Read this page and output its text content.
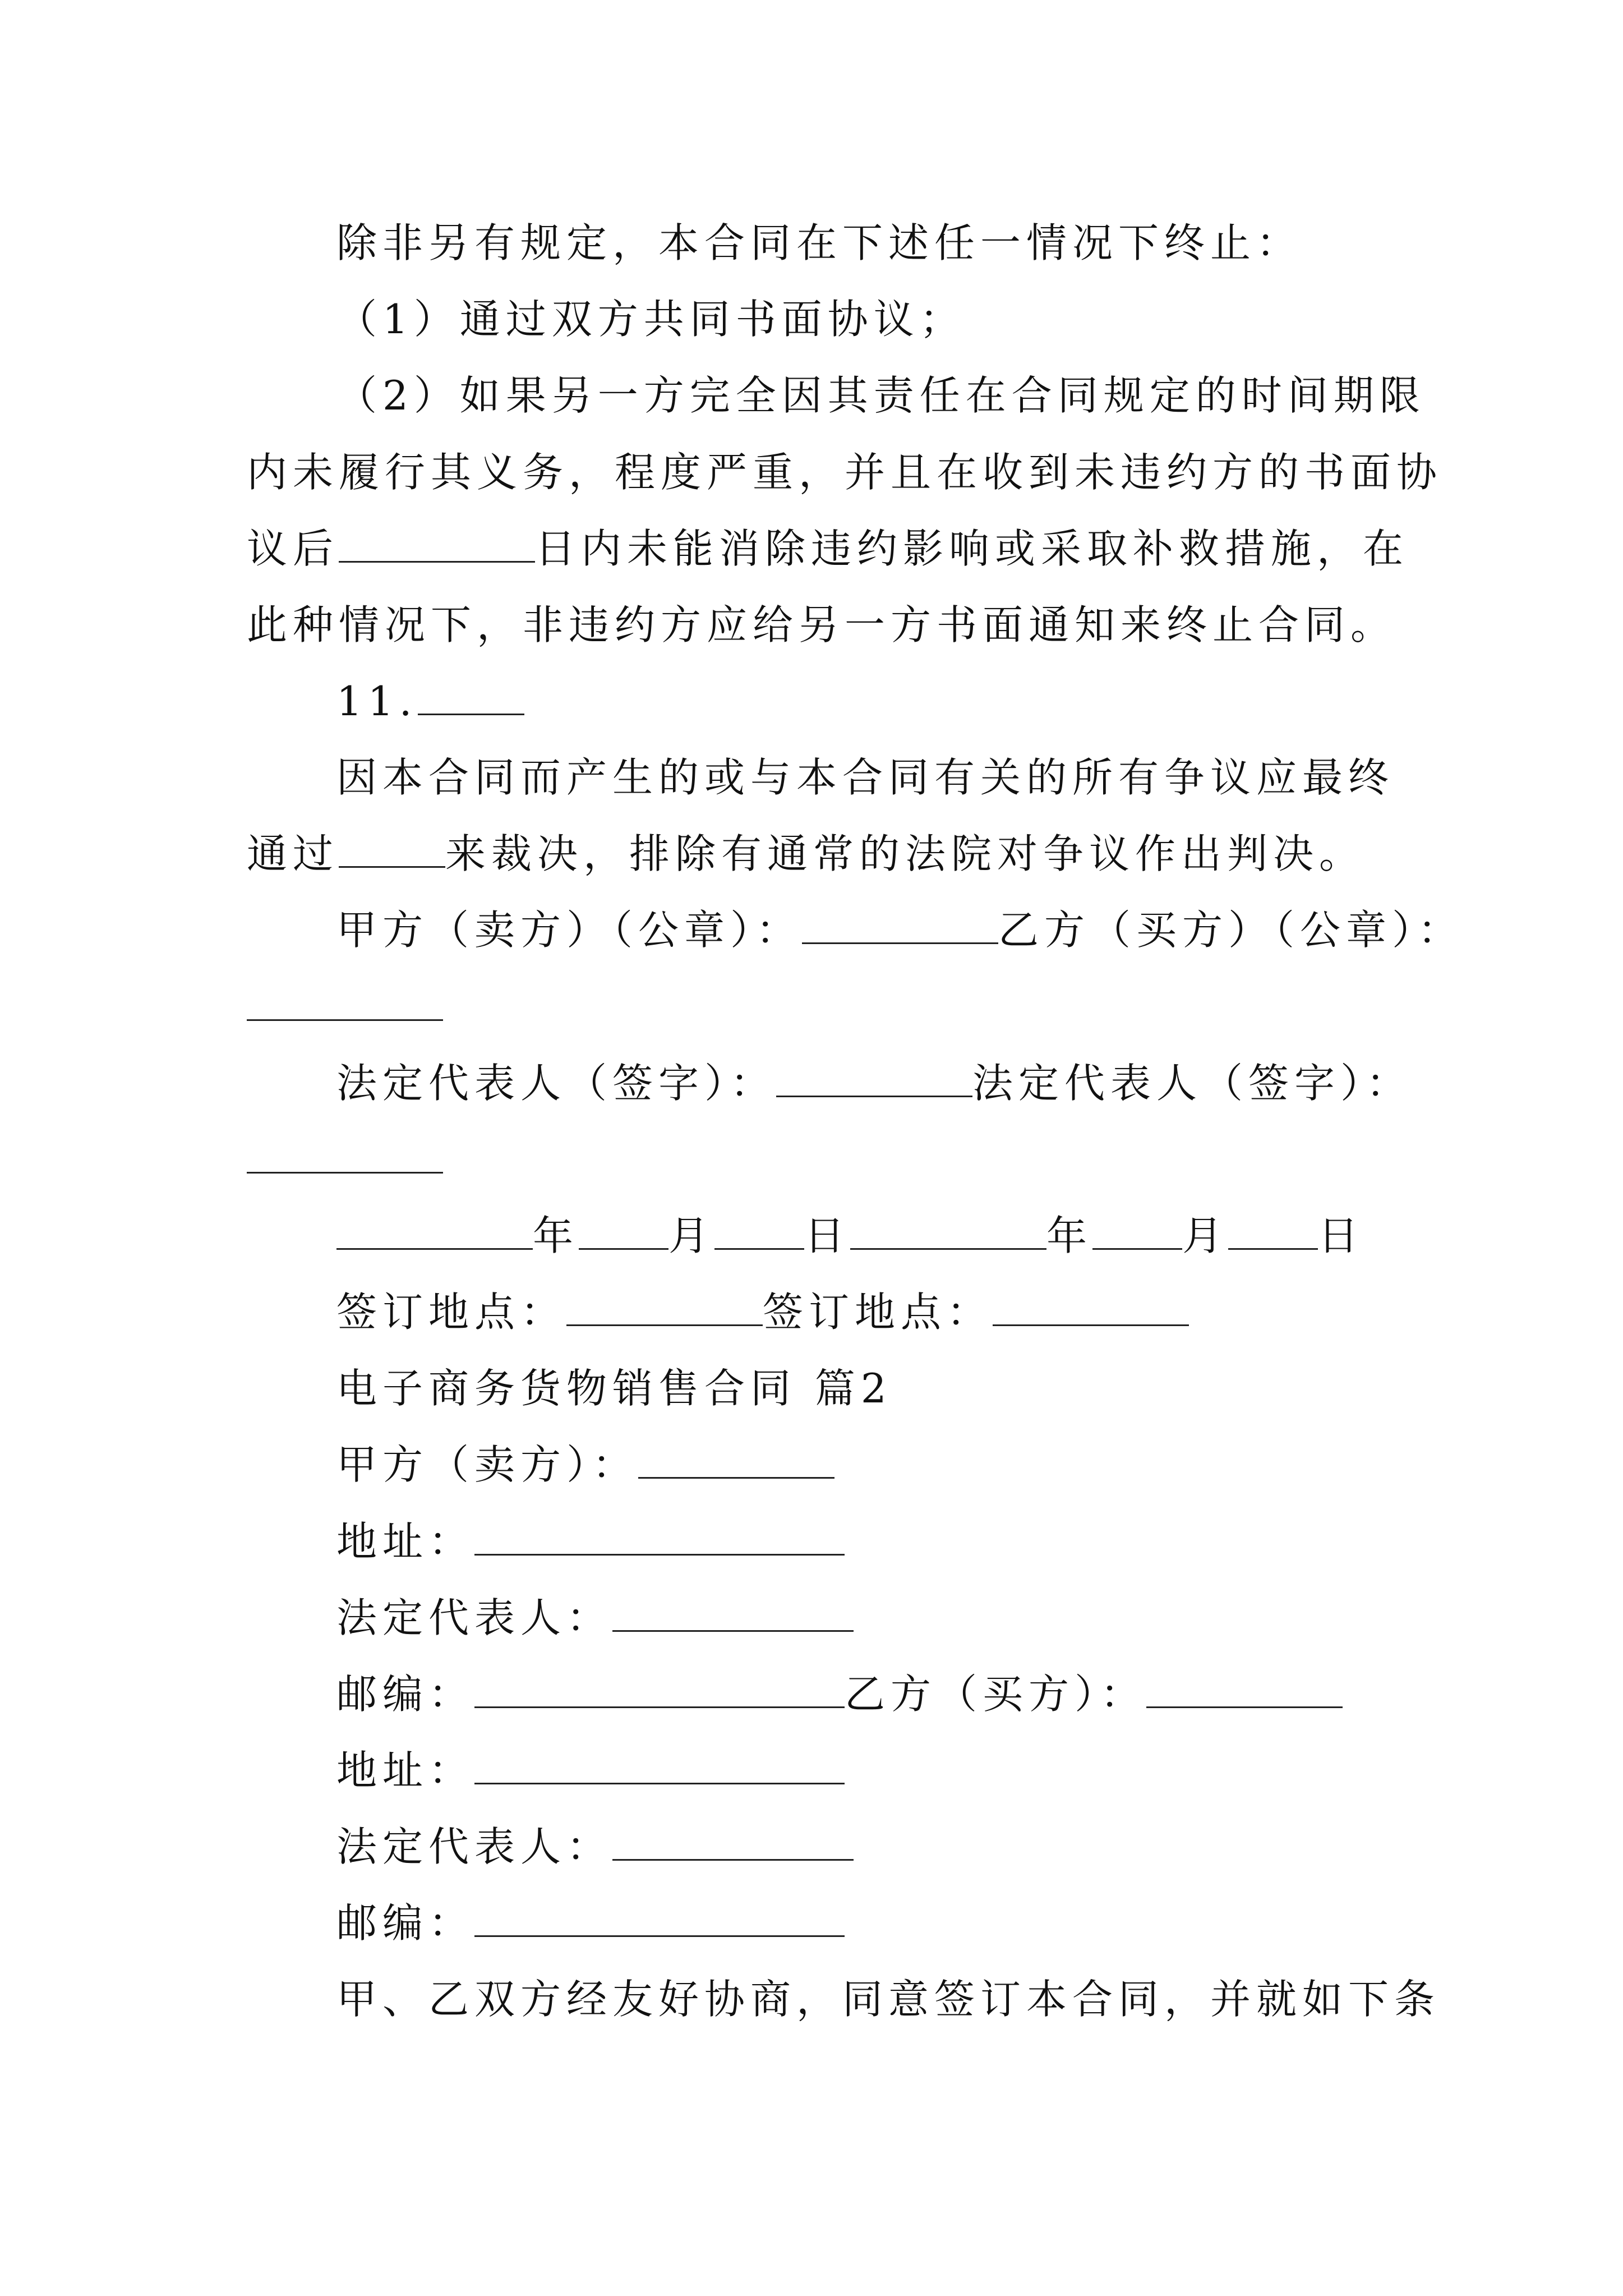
除非另有规定，本合同在下述任一情况下终止：
（1）通过双方共同书面协议；
（2）如果另一方完全因其责任在合同规定的时间期限
内未履行其义务，程度严重，并且在收到未违约方的书面协
议后	日内未能消除违约影响或采取补救措施，在
此种情况下，非违约方应给另一方书面通知来终止合同。
11.
因本合同而产生的或与本合同有关的所有争议应最终
通过	来裁决，排除有通常的法院对争议作出判决。
甲方（卖方）（公章）：	乙方（买方）（公章）：
法定代表人（签字）：	法定代表人（签字）：
年 月 日	年 月 日
签订地点：	签订地点：
电子商务货物销售合同 篇2
甲方（卖方）：
地址：
法定代表人：
邮编：	乙方（买方）：
地址：
法定代表人：
邮编：
甲、乙双方经友好协商，同意签订本合同，并就如下条
